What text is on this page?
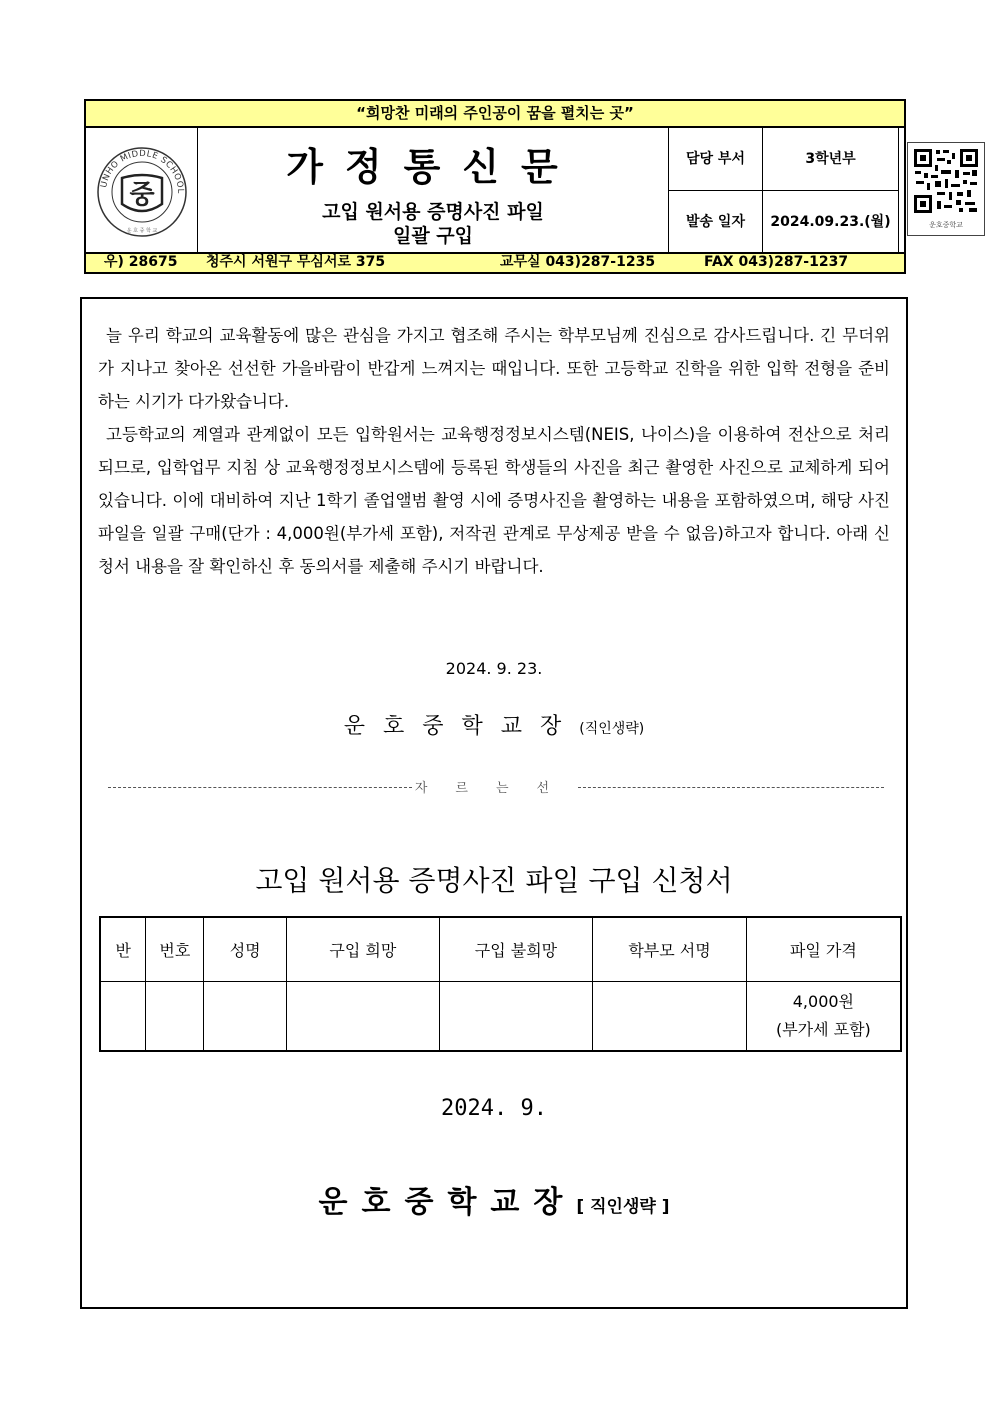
“희망찬 미래의 주인공이 꿈을 펼치는 곳”
UNHO MIDDLE SCHOOL
중
운 호 중 학 교
가정통신문
고입 원서용 증명사진 파일
일괄 구입
담당 부서	3학년부
발송 일자	2024.09.23.(월)	운호중학교
우) 28675 청주시 서원구 무심서로 375	교무실 043)287-1235	FAX 043)287-1237
늘 우리 학교의 교육활동에 많은 관심을 가지고 협조해 주시는 학부모님께 진심으로 감사드립니다. 긴 무더위가 지나고 찾아온 선선한 가을바람이 반갑게 느껴지는 때입니다. 또한 고등학교 진학을 위한 입학 전형을 준비하는 시기가 다가왔습니다.
고등학교의 계열과 관계없이 모든 입학원서는 교육행정정보시스템(NEIS, 나이스)을 이용하여 전산으로 처리되므로, 입학업무 지침 상 교육행정정보시스템에 등록된 학생들의 사진을 최근 촬영한 사진으로 교체하게 되어 있습니다. 이에 대비하여 지난 1학기 졸업앨범 촬영 시에 증명사진을 촬영하는 내용을 포함하였으며, 해당 사진 파일을 일괄 구매(단가 : 4,000원(부가세 포함), 저작권 관계로 무상제공 받을 수 없음)하고자 합니다. 아래 신청서 내용을 잘 확인하신 후 동의서를 제출해 주시기 바랍니다.
2024. 9. 23.
운호중학교장(직인생략)
자르는선
고입 원서용 증명사진 파일 구입 신청서
반	번호	성명	구입 희망	구입 불희망	학부모 서명	파일 가격

						4,000원
(부가세 포함)
2024. 9.
운호중학교장[ 직인생략 ]
